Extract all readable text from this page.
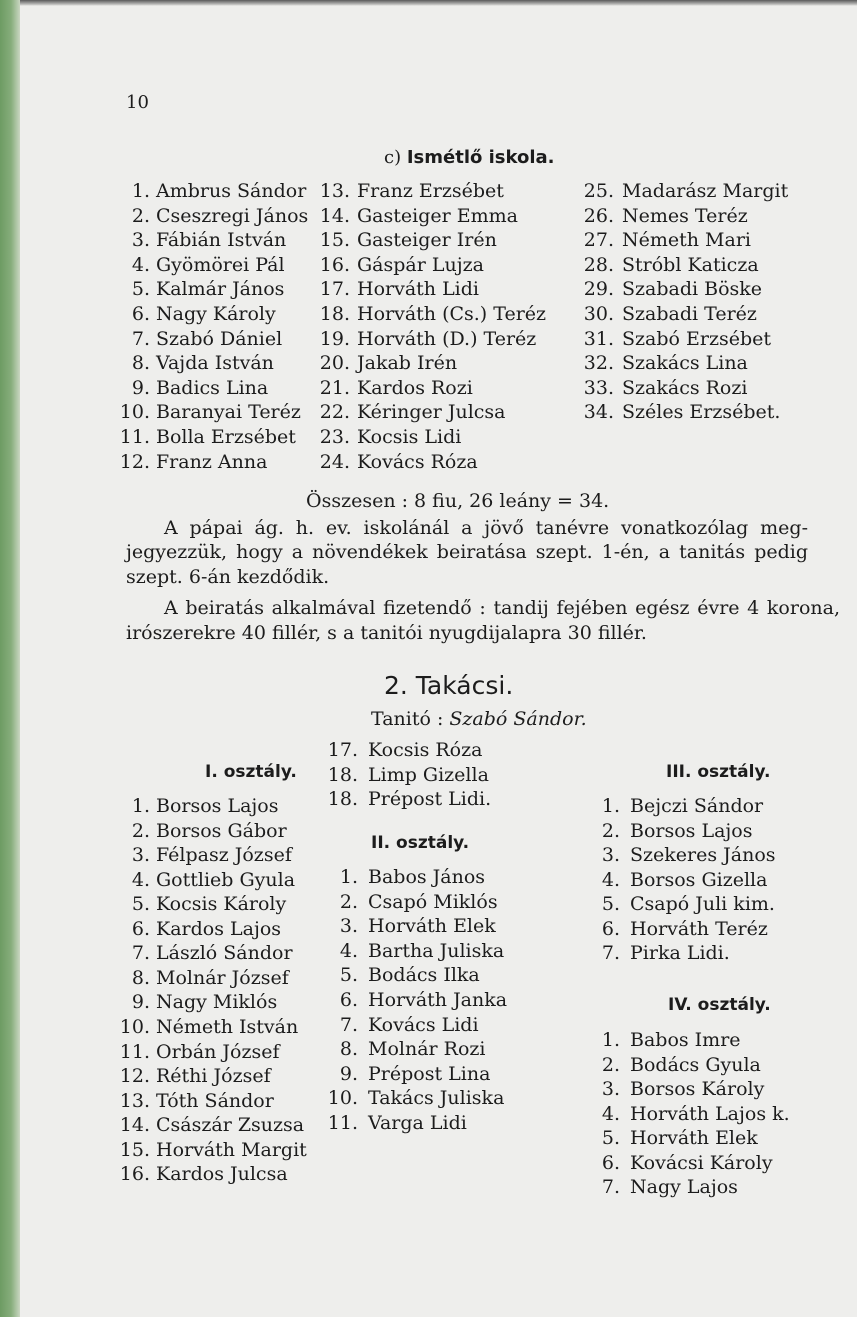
10
c) Ismétlő iskola.
1. Ambrus Sándor
2. Cseszregi János
3. Fábián István
4. Gyömörei Pál
5. Kalmár János
6. Nagy Károly
7. Szabó Dániel
8. Vajda István
9. Badics Lina
10. Baranyai Teréz
11. Bolla Erzsébet
12. Franz Anna
13. Franz Erzsébet
14. Gasteiger Emma
15. Gasteiger Irén
16. Gáspár Lujza
17. Horváth Lidi
18. Horváth (Cs.) Teréz
19. Horváth (D.) Teréz
20. Jakab Irén
21. Kardos Rozi
22. Kéringer Julcsa
23. Kocsis Lidi
24. Kovács Róza
25. Madarász Margit
26. Nemes Teréz
27. Németh Mari
28. Stróbl Katicza
29. Szabadi Böske
30. Szabadi Teréz
31. Szabó Erzsébet
32. Szakács Lina
33. Szakács Rozi
34. Széles Erzsébet.
Összesen : 8 fiu, 26 leány = 34.
A pápai ág. h. ev. iskolánál a jövő tanévre vonatkozólag meg-
jegyezzük, hogy a növendékek beiratása szept. 1-én, a tanitás pedig
szept. 6-án kezdődik.
A beiratás alkalmával fizetendő : tandij fejében egész évre 4 korona,
irószerekre 40 fillér, s a tanitói nyugdijalapra 30 fillér.
2. Takácsi.
Tanitó : Szabó Sándor.
I. osztály.
II. osztály.
III. osztály.
IV. osztály.
1. Borsos Lajos
2. Borsos Gábor
3. Félpasz József
4. Gottlieb Gyula
5. Kocsis Károly
6. Kardos Lajos
7. László Sándor
8. Molnár József
9. Nagy Miklós
10. Németh István
11. Orbán József
12. Réthi József
13. Tóth Sándor
14. Császár Zsuzsa
15. Horváth Margit
16. Kardos Julcsa
17. Kocsis Róza
18. Limp Gizella
18. Prépost Lidi.
1. Babos János
2. Csapó Miklós
3. Horváth Elek
4. Bartha Juliska
5. Bodács Ilka
6. Horváth Janka
7. Kovács Lidi
8. Molnár Rozi
9. Prépost Lina
10. Takács Juliska
11. Varga Lidi
1. Bejczi Sándor
2. Borsos Lajos
3. Szekeres János
4. Borsos Gizella
5. Csapó Juli kim.
6. Horváth Teréz
7. Pirka Lidi.
1. Babos Imre
2. Bodács Gyula
3. Borsos Károly
4. Horváth Lajos k.
5. Horváth Elek
6. Kovácsi Károly
7. Nagy Lajos
